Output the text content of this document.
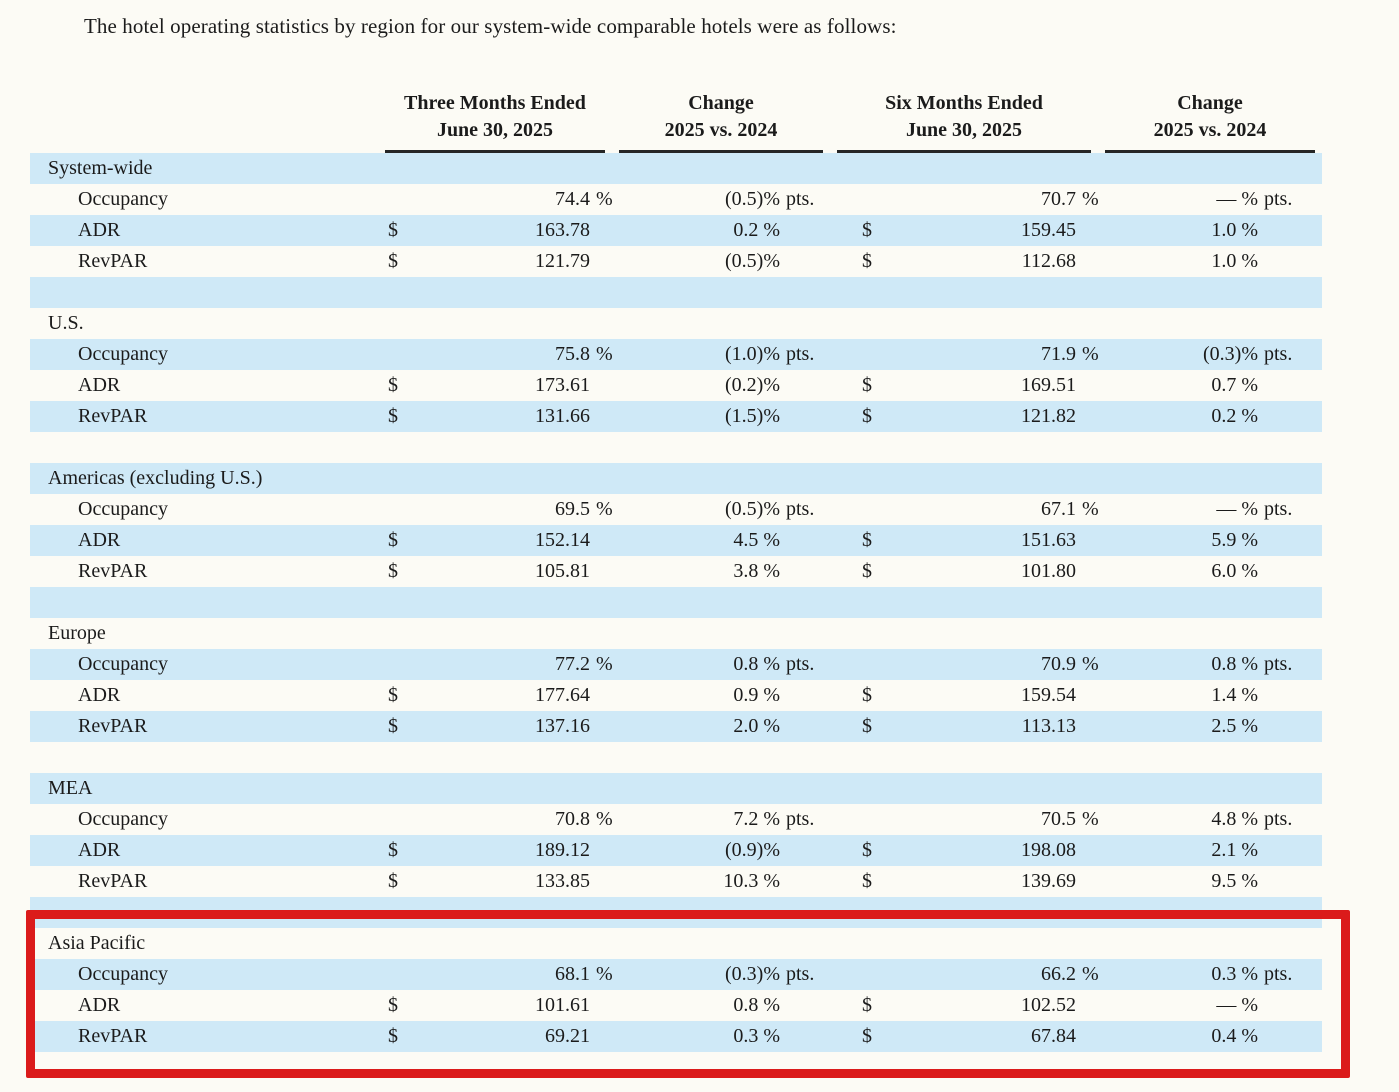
The hotel operating statistics by region for our system-wide comparable hotels were as follows:

Three Months Ended
June 30, 2025
Change
2025 vs. 2024
Six Months Ended
June 30, 2025
Change
2025 vs. 2024
System-wide
Occupancy	74.4 %	(0.5)% pts.	70.7 %	— % pts.
ADR	$	163.78	0.2 %	$	159.45	1.0 %
RevPAR	$	121.79	(0.5)%	$	112.68	1.0 %
U.S.
Occupancy	75.8 %	(1.0)% pts.	71.9 %	(0.3)% pts.
ADR	$	173.61	(0.2)%	$	169.51	0.7 %
RevPAR	$	131.66	(1.5)%	$	121.82	0.2 %
Americas (excluding U.S.)
Occupancy	69.5 %	(0.5)% pts.	67.1 %	— % pts.
ADR	$	152.14	4.5 %	$	151.63	5.9 %
RevPAR	$	105.81	3.8 %	$	101.80	6.0 %
Europe
Occupancy	77.2 %	0.8 % pts.	70.9 %	0.8 % pts.
ADR	$	177.64	0.9 %	$	159.54	1.4 %
RevPAR	$	137.16	2.0 %	$	113.13	2.5 %
MEA
Occupancy	70.8 %	7.2 % pts.	70.5 %	4.8 % pts.
ADR	$	189.12	(0.9)%	$	198.08	2.1 %
RevPAR	$	133.85	10.3 %	$	139.69	9.5 %
Asia Pacific
Occupancy	68.1 %	(0.3)% pts.	66.2 %	0.3 % pts.
ADR	$	101.61	0.8 %	$	102.52	— %
RevPAR	$	69.21	0.3 %	$	67.84	0.4 %
